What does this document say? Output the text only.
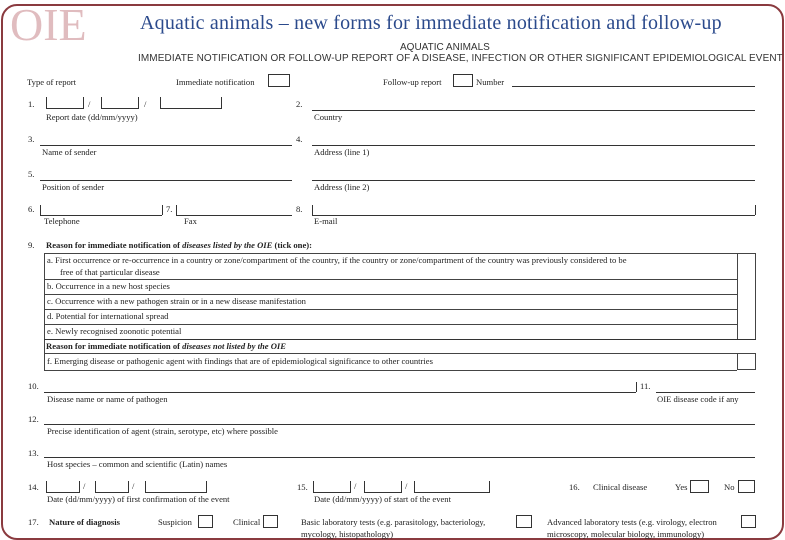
OIE	Aquatic animals – new forms for immediate notification and follow-up
AQUATIC ANIMALS
IMMEDIATE NOTIFICATION OR FOLLOW-UP REPORT OF A DISEASE, INFECTION OR OTHER SIGNIFICANT EPIDEMIOLOGICAL EVENT
Type of report	Immediate notification	Follow-up report	Number
1.	/	/
Report date (dd/mm/yyyy)
2.
Country
3.
Name of sender
4.
Address (line 1)
5.
Position of sender	Address (line 2)
6.
Telephone
7.
Fax
8.
E-mail
9. Reason for immediate notification of diseases listed by the OIE (tick one):
a. First occurrence or re-occurrence in a country or zone/compartment of the country, if the country or zone/compartment of the country was previously considered to be
free of that particular disease
b. Occurrence in a new host species
c. Occurrence with a new pathogen strain or in a new disease manifestation
d. Potential for international spread
e. Newly recognised zoonotic potential
Reason for immediate notification of diseases not listed by the OIE
f. Emerging disease or pathogenic agent with findings that are of epidemiological significance to other countries
10.
Disease name or name of pathogen
11.
OIE disease code if any
12.
Precise identification of agent (strain, serotype, etc) where possible
13.
Host species – common and scientific (Latin) names
14.	/	/
Date (dd/mm/yyyy) of first confirmation of the event
15.	/	/
Date (dd/mm/yyyy) of start of the event
16. Clinical disease	Yes	No
17. Nature of diagnosis	Suspicion	Clinical	Basic laboratory tests (e.g. parasitology, bacteriology,
mycology, histopathology)
Advanced laboratory tests (e.g. virology, electron
microscopy, molecular biology, immunology)
